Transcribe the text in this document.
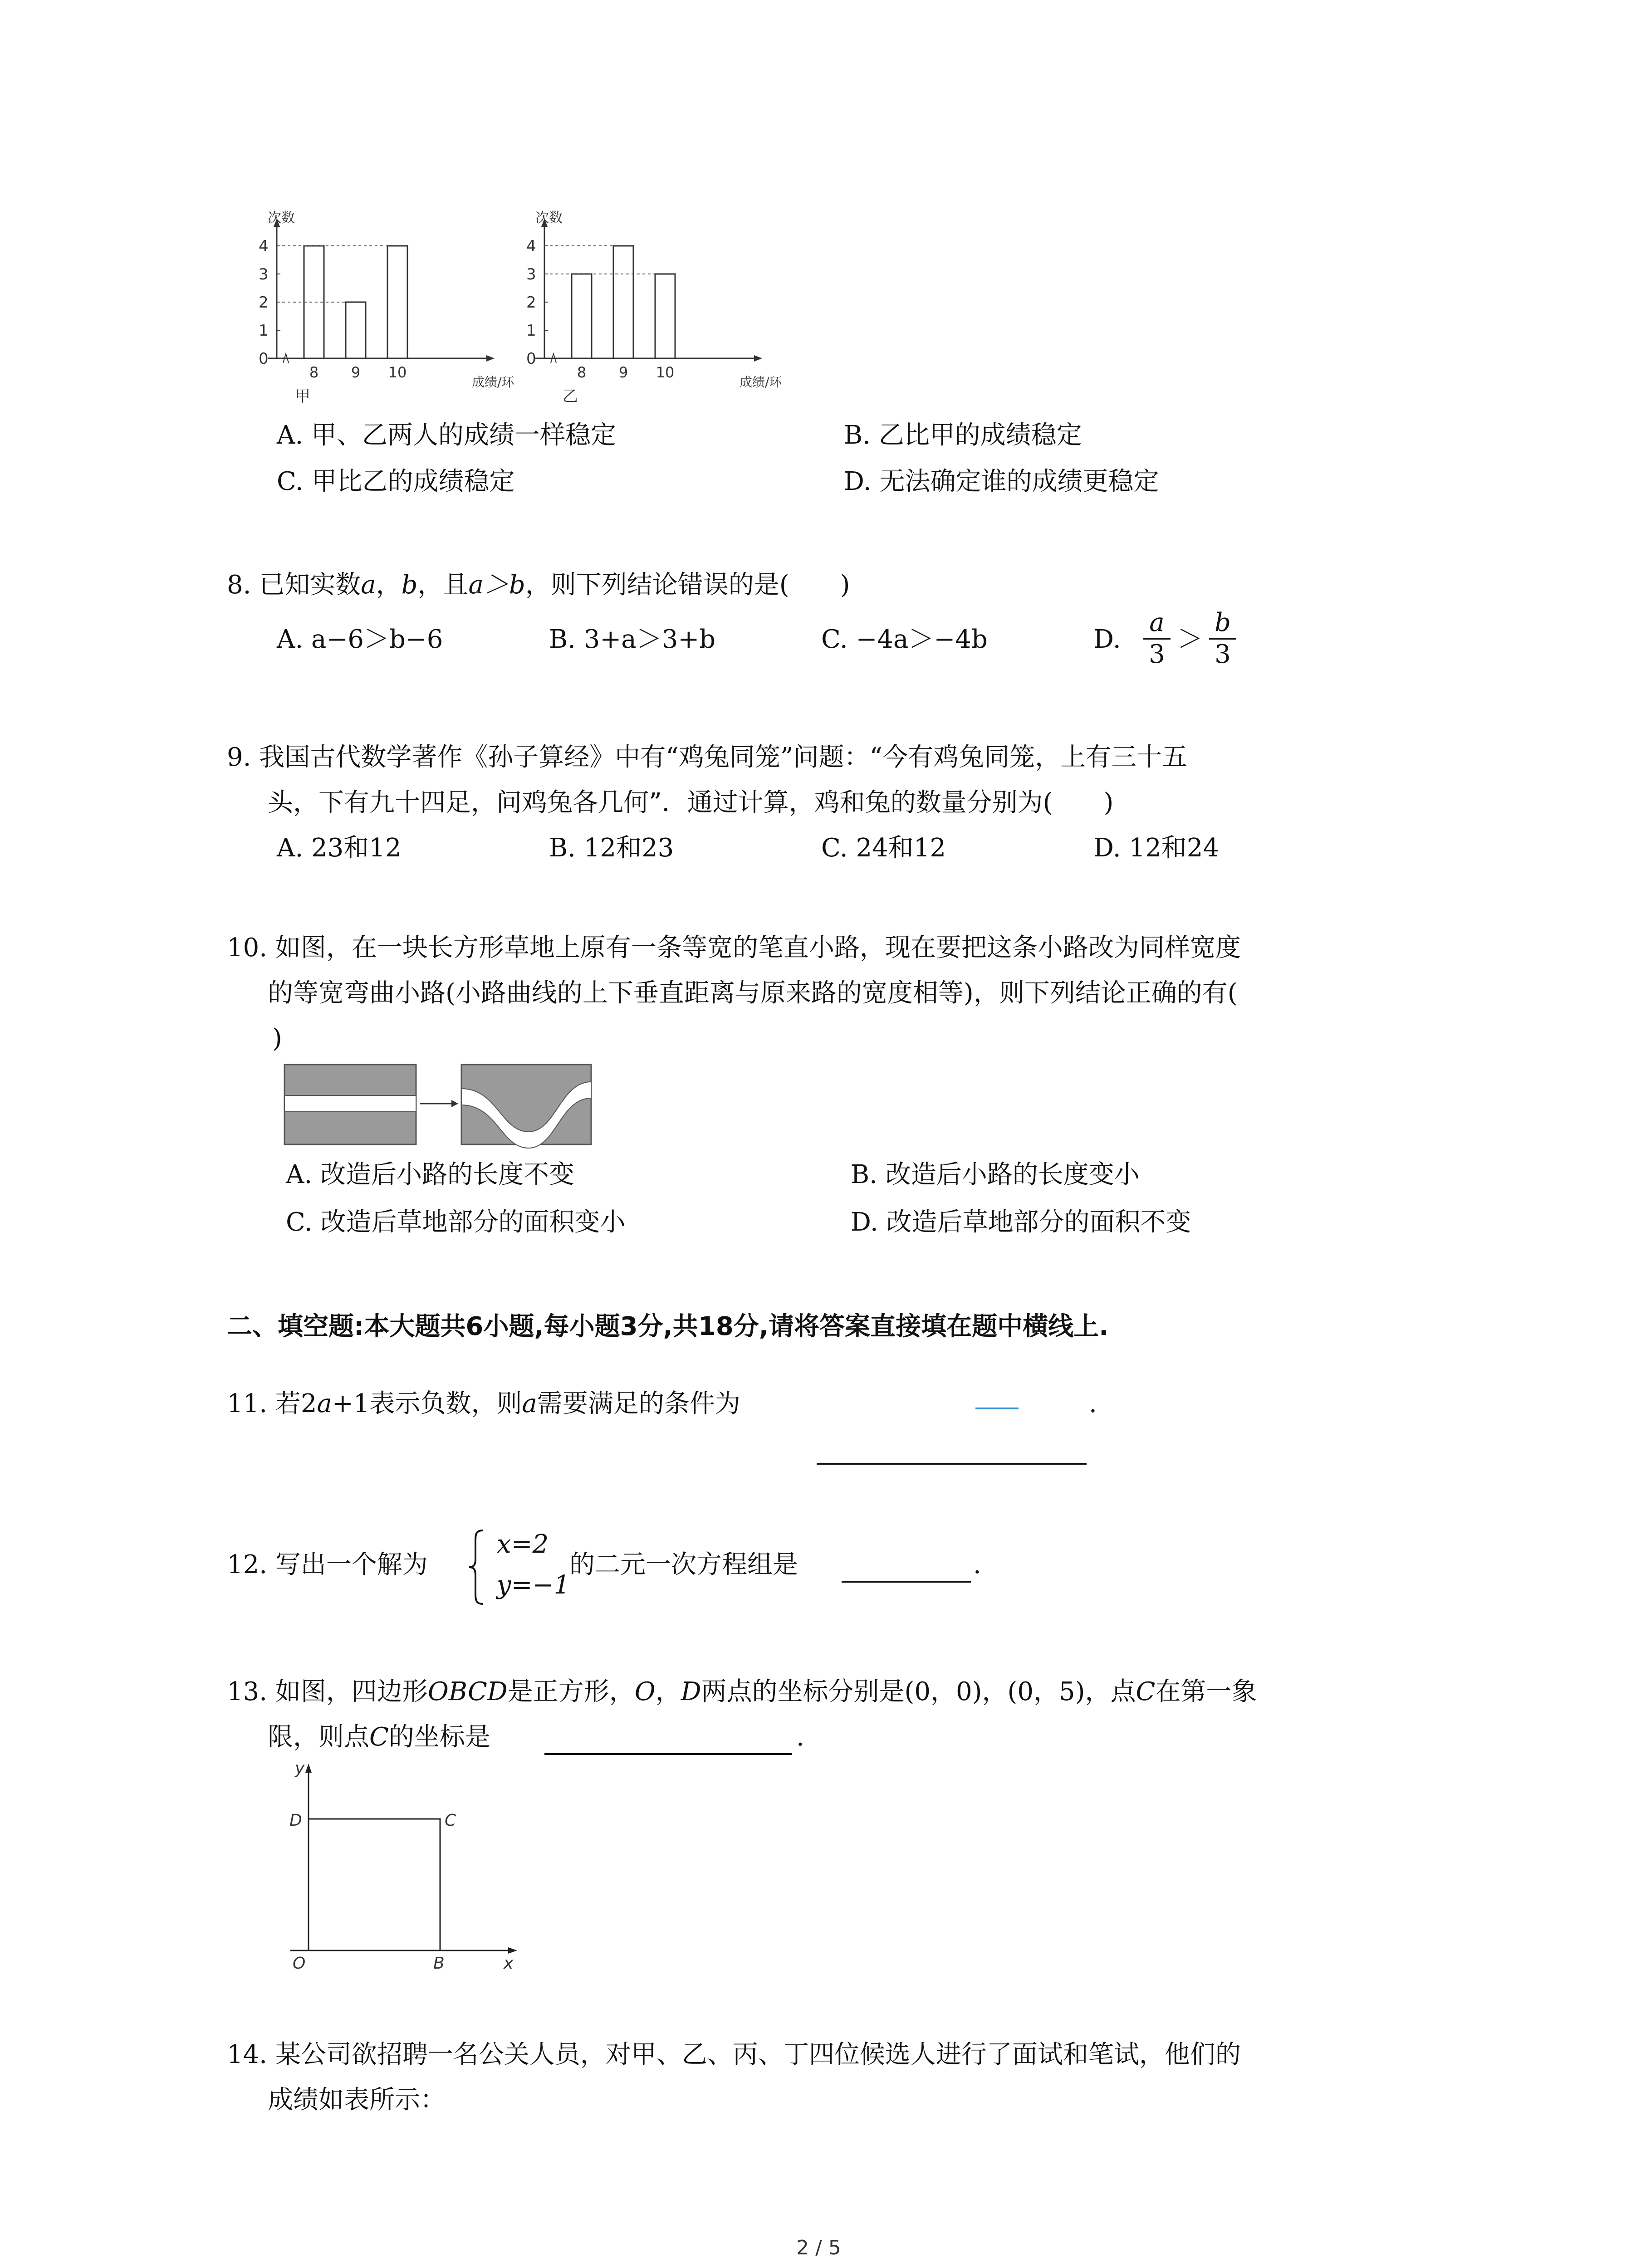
次数
成绩/环
0
1
2
3
4
8 9 10
甲
次数
成绩/环
0
1
2
3
4
8 9 10
乙
A. 甲、乙两人的成绩一样稳定	B. 乙比甲的成绩稳定
C. 甲比乙的成绩稳定	D. 无法确定谁的成绩更稳定
8. 已知实数a，b，且a＞b，则下列结论错误的是(　　)
A. a−6＞b−6	B. 3+a＞3+b	C. −4a＞−4b	D.
a
3
＞
b
3
9. 我国古代数学著作《孙子算经》中有“鸡兔同笼”问题：“今有鸡兔同笼，上有三十五
头，下有九十四足，问鸡兔各几何”．通过计算，鸡和兔的数量分别为(　　)
A. 23和12	B. 12和23	C. 24和12	D. 12和24
10. 如图，在一块长方形草地上原有一条等宽的笔直小路，现在要把这条小路改为同样宽度
的等宽弯曲小路(小路曲线的上下垂直距离与原来路的宽度相等)，则下列结论正确的有(
)
A. 改造后小路的长度不变	B. 改造后小路的长度变小
C. 改造后草地部分的面积变小	D. 改造后草地部分的面积不变
二、填空题:本大题共6小题,每小题3分,共18分,请将答案直接填在题中横线上.
11. 若2a+1表示负数，则a需要满足的条件为	.
12. 写出一个解为
x=2
y=−1
的二元一次方程组是	.
13. 如图，四边形OBCD是正方形，O，D两点的坐标分别是(0，0)，(0，5)，点C在第一象
限，则点C的坐标是	.
y
x
D	C
O	B
14. 某公司欲招聘一名公关人员，对甲、乙、丙、丁四位候选人进行了面试和笔试，他们的
成绩如表所示：
2 / 5
